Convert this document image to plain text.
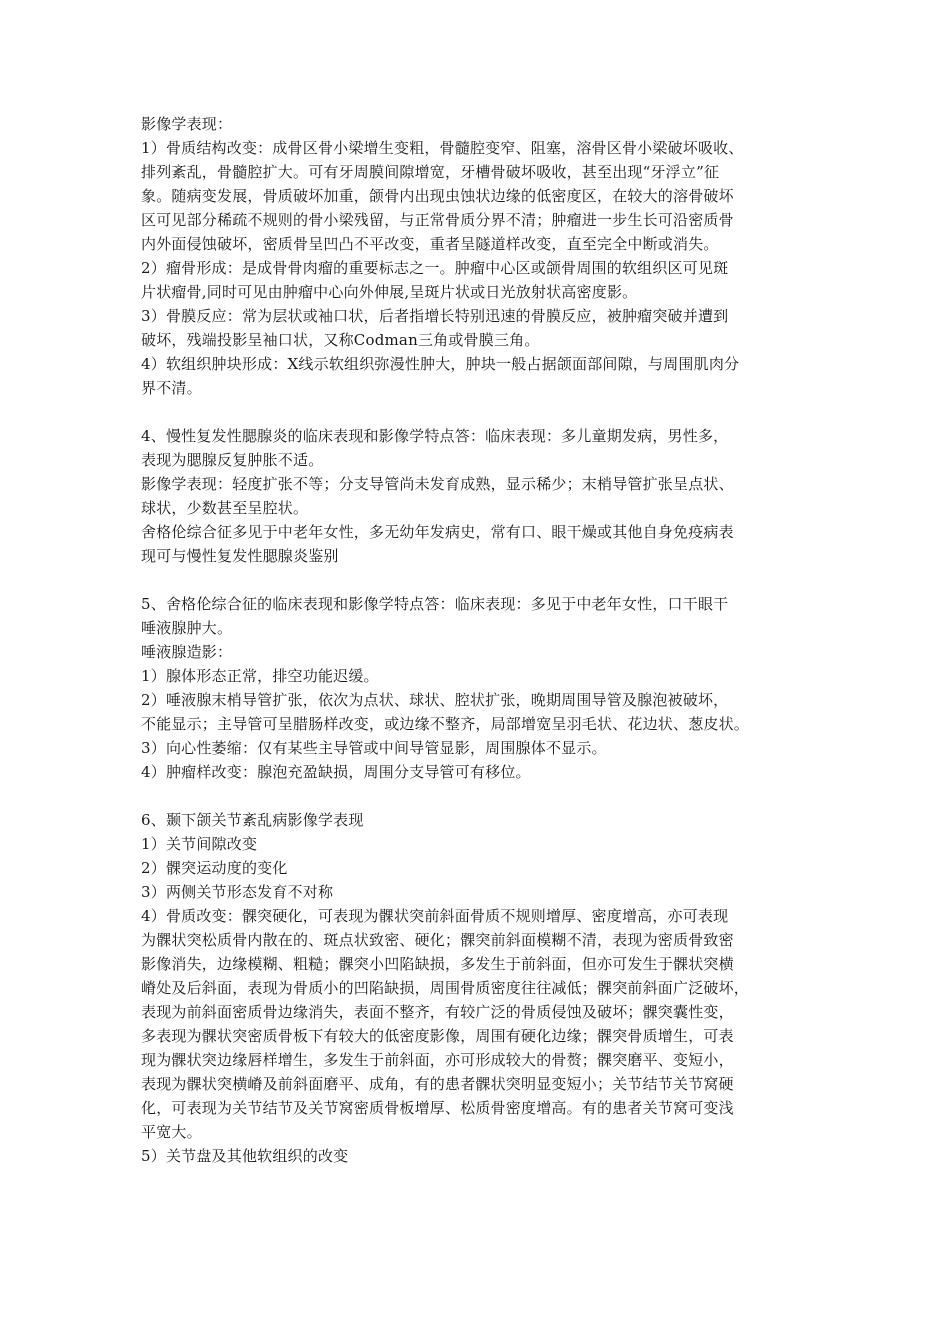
影像学表现：
1）骨质结构改变：成骨区骨小梁增生变粗，骨髓腔变窄、阻塞，溶骨区骨小梁破坏吸收、
排列紊乱，骨髓腔扩大。可有牙周膜间隙增宽，牙槽骨破坏吸收，甚至出现“牙浮立”征
象。随病变发展，骨质破坏加重，颌骨内出现虫蚀状边缘的低密度区，在较大的溶骨破坏
区可见部分稀疏不规则的骨小梁残留，与正常骨质分界不清；肿瘤进一步生长可沿密质骨
内外面侵蚀破坏，密质骨呈凹凸不平改变，重者呈隧道样改变，直至完全中断或消失。
2）瘤骨形成：是成骨骨肉瘤的重要标志之一。肿瘤中心区或颌骨周围的软组织区可见斑
片状瘤骨,同时可见由肿瘤中心向外伸展,呈斑片状或日光放射状高密度影。
3）骨膜反应：常为层状或袖口状，后者指增长特别迅速的骨膜反应，被肿瘤突破并遭到
破坏，残端投影呈袖口状，又称Codman三角或骨膜三角。
4）软组织肿块形成：X线示软组织弥漫性肿大，肿块一般占据颌面部间隙，与周围肌肉分
界不清。
4、慢性复发性腮腺炎的临床表现和影像学特点答：临床表现：多儿童期发病，男性多，
表现为腮腺反复肿胀不适。
影像学表现：轻度扩张不等；分支导管尚未发育成熟，显示稀少；末梢导管扩张呈点状、
球状，少数甚至呈腔状。
舍格伦综合征多见于中老年女性，多无幼年发病史，常有口、眼干燥或其他自身免疫病表
现可与慢性复发性腮腺炎鉴别
5、舍格伦综合征的临床表现和影像学特点答：临床表现：多见于中老年女性，口干眼干
唾液腺肿大。
唾液腺造影：
1）腺体形态正常，排空功能迟缓。
2）唾液腺末梢导管扩张，依次为点状、球状、腔状扩张，晚期周围导管及腺泡被破坏，
不能显示；主导管可呈腊肠样改变，或边缘不整齐，局部增宽呈羽毛状、花边状、葱皮状。
3）向心性萎缩：仅有某些主导管或中间导管显影，周围腺体不显示。
4）肿瘤样改变：腺泡充盈缺损，周围分支导管可有移位。
6、颞下颌关节紊乱病影像学表现
1）关节间隙改变
2）髁突运动度的变化
3）两侧关节形态发育不对称
4）骨质改变：髁突硬化，可表现为髁状突前斜面骨质不规则增厚、密度增高，亦可表现
为髁状突松质骨内散在的、斑点状致密、硬化；髁突前斜面模糊不清，表现为密质骨致密
影像消失，边缘模糊、粗糙；髁突小凹陷缺损，多发生于前斜面，但亦可发生于髁状突横
嵴处及后斜面，表现为骨质小的凹陷缺损，周围骨质密度往往减低；髁突前斜面广泛破坏，
表现为前斜面密质骨边缘消失，表面不整齐，有较广泛的骨质侵蚀及破坏；髁突囊性变，
多表现为髁状突密质骨板下有较大的低密度影像，周围有硬化边缘；髁突骨质增生，可表
现为髁状突边缘唇样增生，多发生于前斜面，亦可形成较大的骨赘；髁突磨平、变短小，
表现为髁状突横嵴及前斜面磨平、成角，有的患者髁状突明显变短小；关节结节关节窝硬
化，可表现为关节结节及关节窝密质骨板增厚、松质骨密度增高。有的患者关节窝可变浅
平宽大。
5）关节盘及其他软组织的改变
